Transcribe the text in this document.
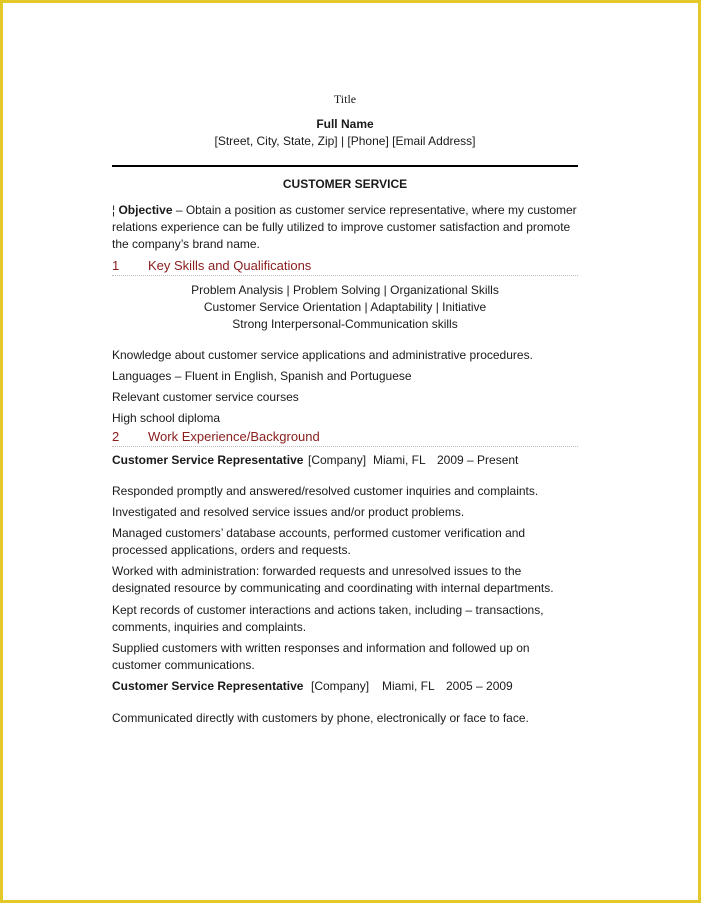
Title
Full Name
[Street, City, State, Zip] | [Phone] [Email Address]
CUSTOMER SERVICE
¦ Objective – Obtain a position as customer service representative, where my customer relations experience can be fully utilized to improve customer satisfaction and promote the company’s brand name.
1 Key Skills and Qualifications
Problem Analysis | Problem Solving | Organizational Skills
Customer Service Orientation | Adaptability | Initiative
Strong Interpersonal-Communication skills
Knowledge about customer service applications and administrative procedures.
Languages – Fluent in English, Spanish and Portuguese
Relevant customer service courses
High school diploma
2 Work Experience/Background
Customer Service Representative [Company] Miami, FL 2009 – Present
Responded promptly and answered/resolved customer inquiries and complaints.
Investigated and resolved service issues and/or product problems.
Managed customers’ database accounts, performed customer verification and processed applications, orders and requests.
Worked with administration: forwarded requests and unresolved issues to the designated resource by communicating and coordinating with internal departments.
Kept records of customer interactions and actions taken, including – transactions, comments, inquiries and complaints.
Supplied customers with written responses and information and followed up on customer communications.
Customer Service Representative [Company] Miami, FL 2005 – 2009
Communicated directly with customers by phone, electronically or face to face.
